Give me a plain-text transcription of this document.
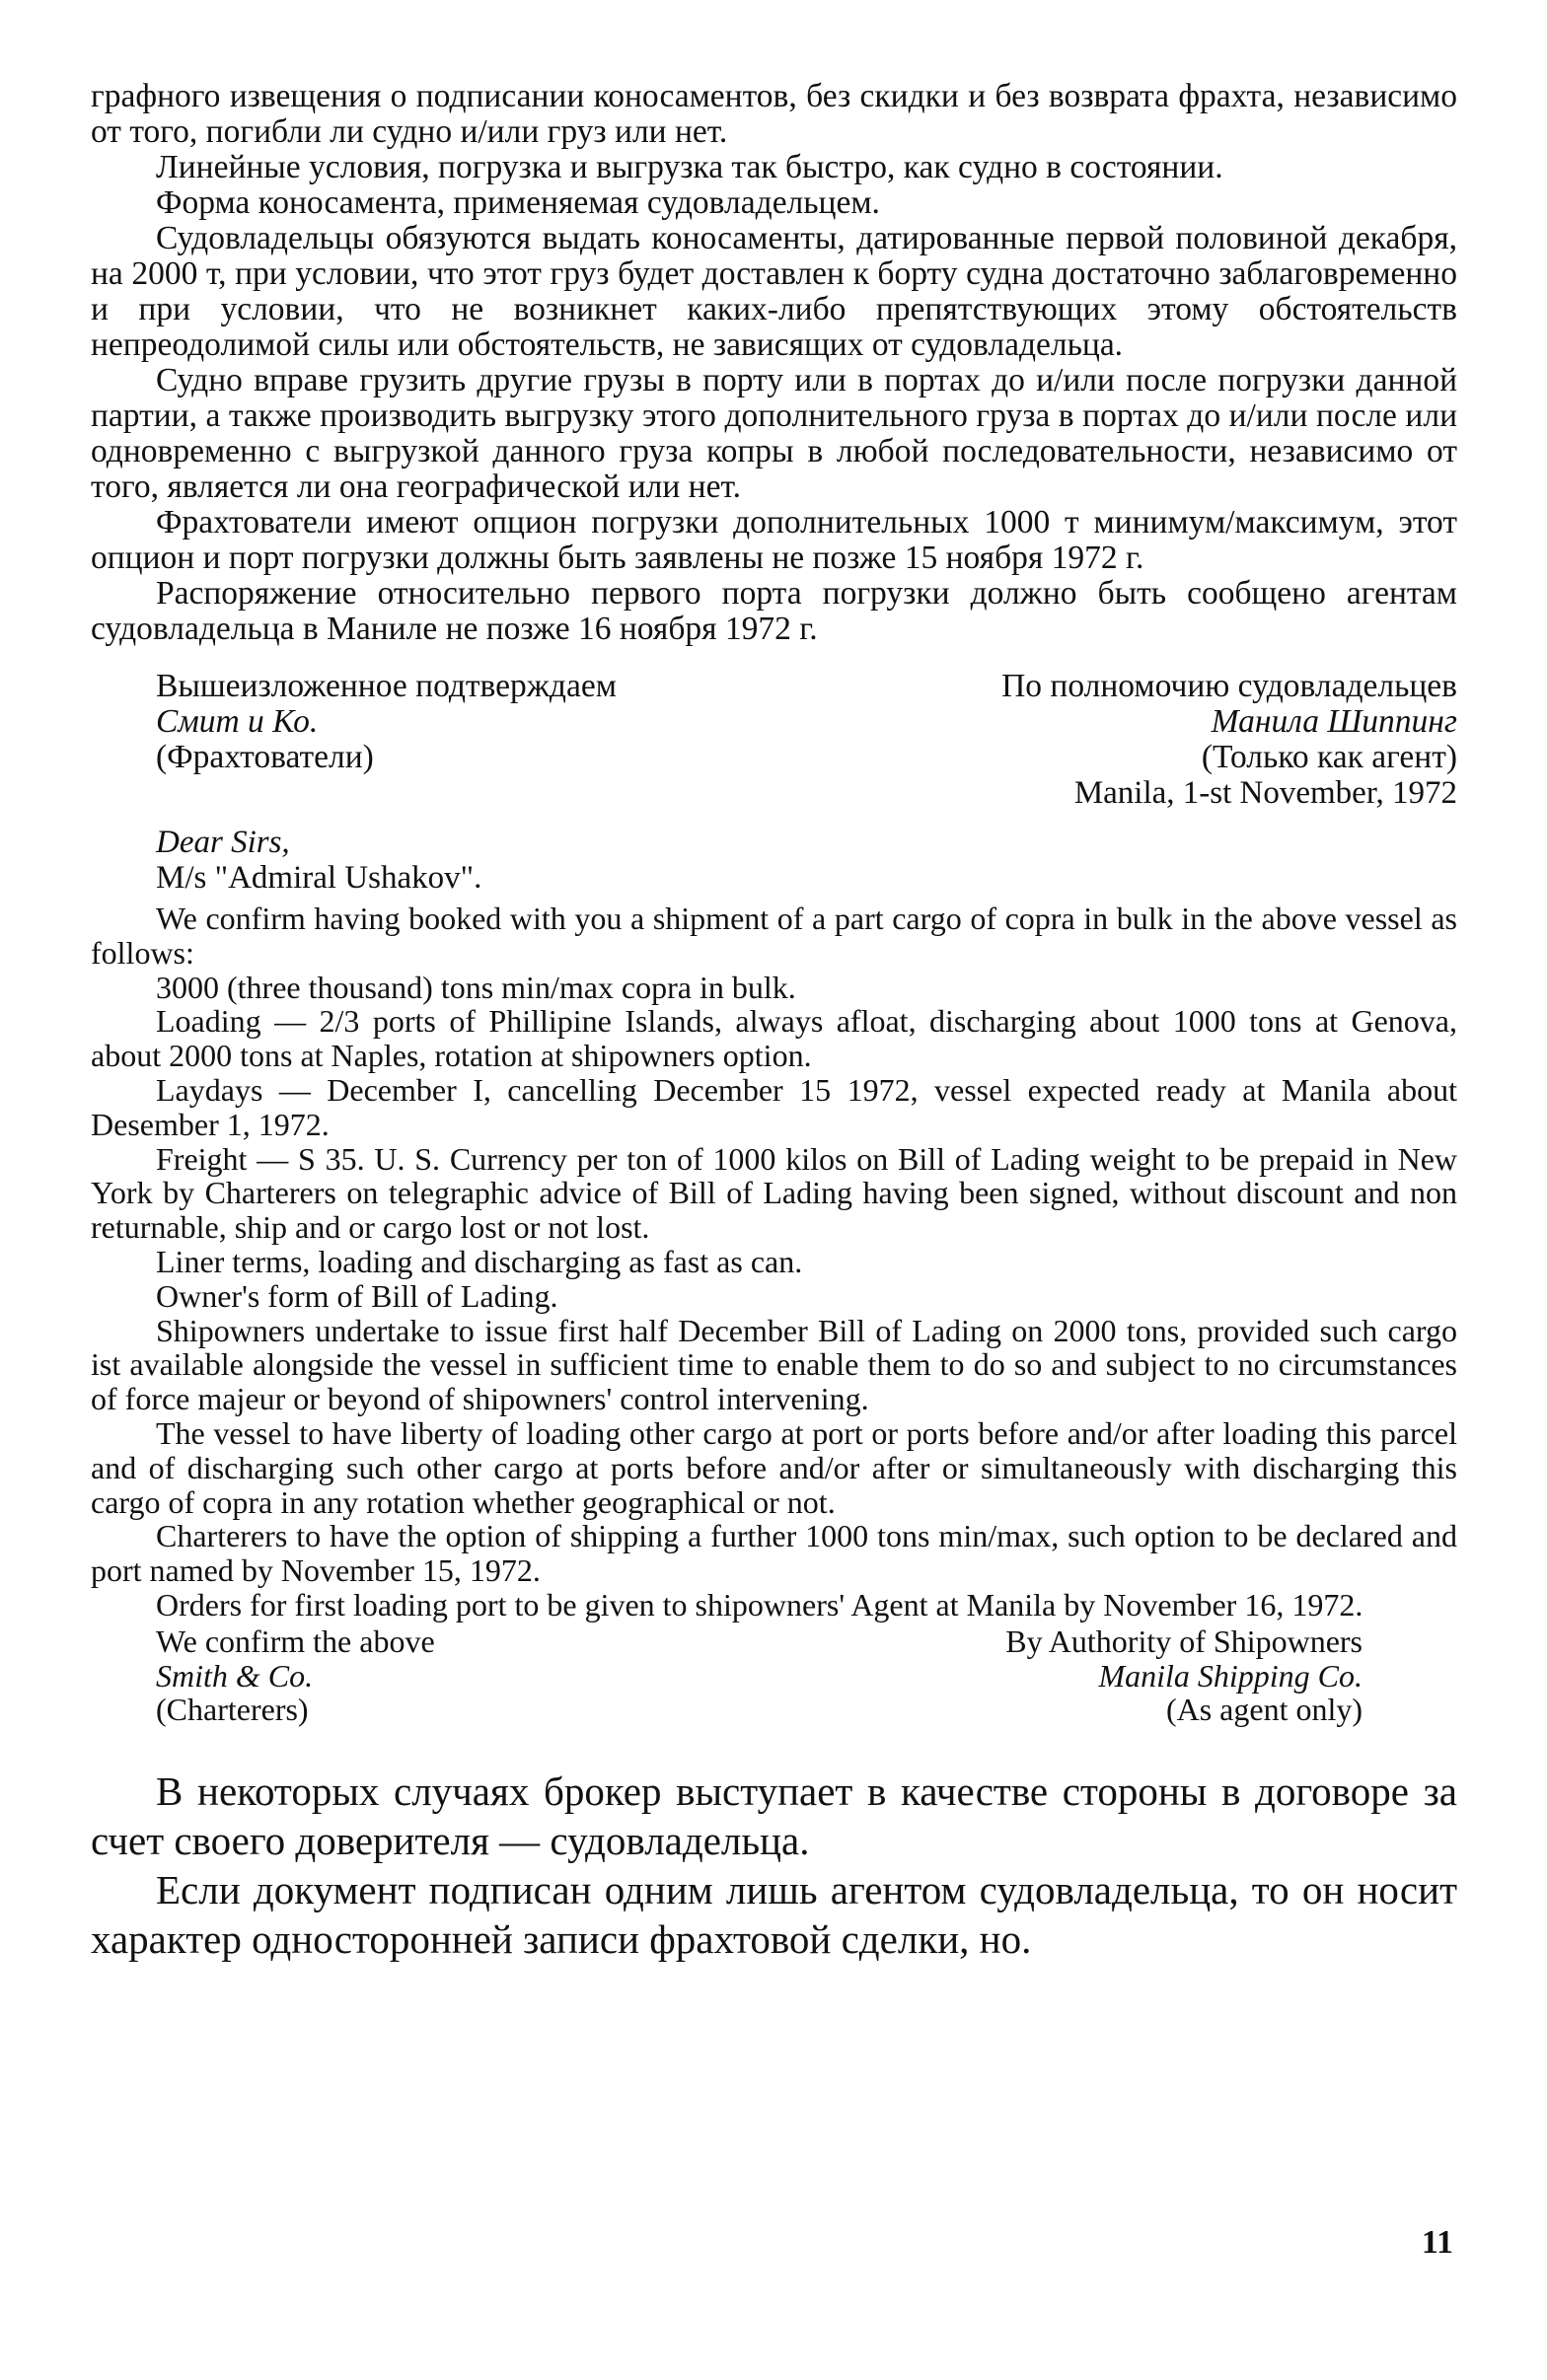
графного извещения о подписании коносаментов, без скидки и без возврата фрахта, независимо от того, погибли ли судно и/или груз или нет.

Линейные условия, погрузка и выгрузка так быстро, как судно в состоянии.

Форма коносамента, применяемая судовладельцем.

Судовладельцы обязуются выдать коносаменты, датированные первой половиной декабря, на 2000 т, при условии, что этот груз будет доставлен к борту судна достаточно заблаговременно и при условии, что не возникнет каких-либо препятствующих этому обстоятельств непреодолимой силы или обстоятельств, не зависящих от судовладельца.

Судно вправе грузить другие грузы в порту или в портах до и/или после погрузки данной партии, а также производить выгрузку этого дополнительного груза в портах до и/или после или одновременно с выгрузкой данного груза копры в любой последовательности, независимо от того, является ли она географической или нет.

Фрахтователи имеют опцион погрузки дополнительных 1000 т минимум/максимум, этот опцион и порт погрузки должны быть заявлены не позже 15 ноября 1972 г.

Распоряжение относительно первого порта погрузки должно быть сообщено агентам судовладельца в Маниле не позже 16 ноября 1972 г.

Вышеизложенное подтверждаем
Смит и Ко.
(Фрахтователи)
По полномочию судовладельцев
Манила Шиппинг
(Только как агент)
Manila, 1-st November, 1972
Dear Sirs,
M/s "Admiral Ushakov".

We confirm having booked with you a shipment of a part cargo of copra in bulk in the above vessel as follows:

3000 (three thousand) tons min/max copra in bulk.

Loading — 2/3 ports of Phillipine Islands, always afloat, discharging about 1000 tons at Genova, about 2000 tons at Naples, rotation at shipowners option.

Laydays — December I, cancelling December 15 1972, vessel expected ready at Manila about Desember 1, 1972.

Freight — S 35. U. S. Currency per ton of 1000 kilos on Bill of Lading weight to be prepaid in New York by Charterers on telegraphic advice of Bill of Lading having been signed, without discount and non returnable, ship and or cargo lost or not lost.

Liner terms, loading and discharging as fast as can.

Owner's form of Bill of Lading.

Shipowners undertake to issue first half December Bill of Lading on 2000 tons, provided such cargo ist available alongside the vessel in sufficient time to enable them to do so and subject to no circumstances of force majeur or beyond of shipowners' control intervening.

The vessel to have liberty of loading other cargo at port or ports before and/or after loading this parcel and of discharging such other cargo at ports before and/or after or simultaneously with discharging this cargo of copra in any rotation whether geographical or not.

Charterers to have the option of shipping a further 1000 tons min/max, such option to be declared and port named by November 15, 1972.

Orders for first loading port to be given to shipowners' Agent at Manila by November 16, 1972.

We confirm the above
Smith & Co.
(Charterers)
By Authority of Shipowners
Manila Shipping Co.
(As agent only)

В некоторых случаях брокер выступает в качестве стороны в договоре за счет своего доверителя — судовладельца.

Если документ подписан одним лишь агентом судовладельца, то он носит характер односторонней записи фрахтовой сделки, но.

11
